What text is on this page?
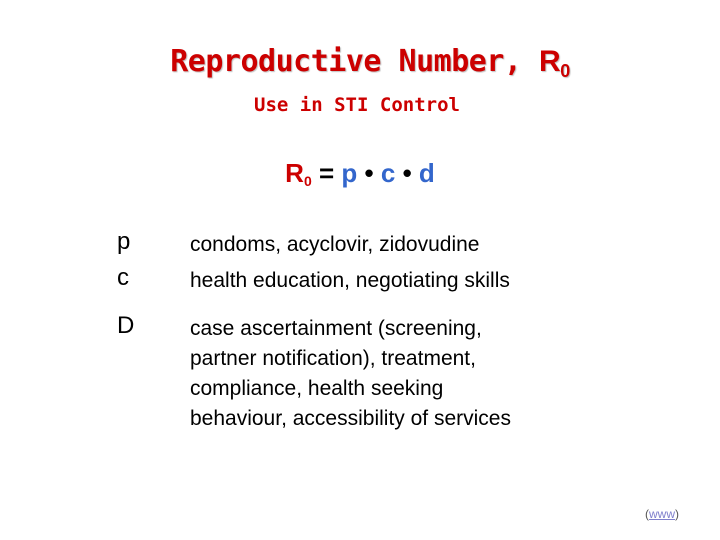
Reproductive Number, $R_0$
Use in STI Control
$R_0 = p$ • c • d
p	condoms, acyclovir, zidovudine
c	health education, negotiating skills
D	case ascertainment (screening,
partner notification), treatment,
compliance, health seeking
behaviour, accessibility of services
(www)
